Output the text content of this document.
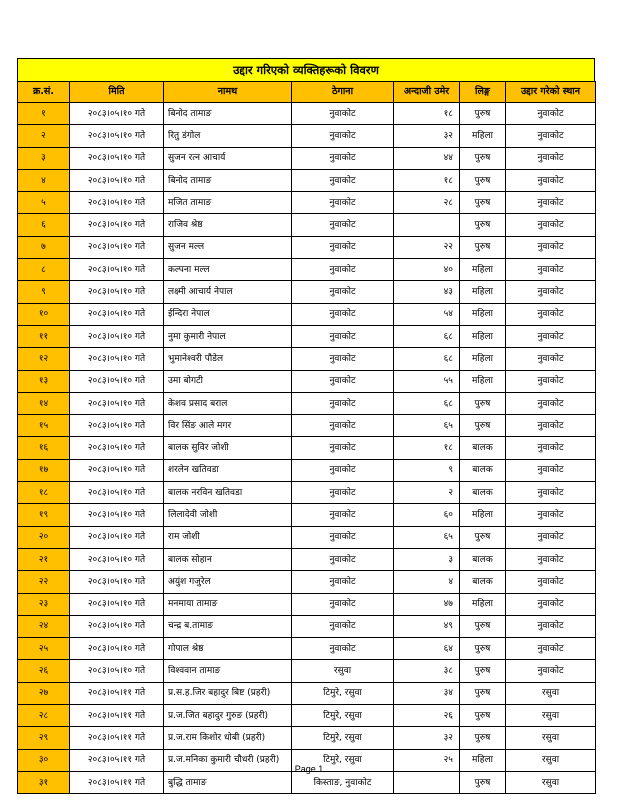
उद्दार गरिएको व्यक्तिहरूको विवरण
क्र.सं.	मिति	नामथ	ठेगाना	अन्दाजी उमेर	लिङ्ग	उद्दार गरेको स्थान
१	२०८३।०५।१० गते	बिनोद तामाङ	नुवाकोट	१८	पुरुष	नुवाकोट
२	२०८३।०५।१० गते	रितु डंगोल	नुवाकोट	३२	महिला	नुवाकोट
३	२०८३।०५।१० गते	सुजन रत्न आचार्य	नुवाकोट	४४	पुरुष	नुवाकोट
४	२०८३।०५।१० गते	बिनोद तामाङ	नुवाकोट	१८	पुरुष	नुवाकोट
५	२०८३।०५।१० गते	मजित तामाङ	नुवाकोट	२८	पुरुष	नुवाकोट
६	२०८३।०५।१० गते	राजिव श्रेष्ठ	नुवाकोट		पुरुष	नुवाकोट
७	२०८३।०५।१० गते	सुजन मल्ल	नुवाकोट	२२	पुरुष	नुवाकोट
८	२०८३।०५।१० गते	कल्पना मल्ल	नुवाकोट	४०	महिला	नुवाकोट
९	२०८३।०५।१० गते	लक्ष्मी आचार्य नेपाल	नुवाकोट	४३	महिला	नुवाकोट
१०	२०८३।०५।१० गते	ईन्दिरा नेपाल	नुवाकोट	५४	महिला	नुवाकोट
११	२०८३।०५।१० गते	नुमा कुमारी नेपाल	नुवाकोट	६८	महिला	नुवाकोट
१२	२०८३।०५।१० गते	भुमानेश्वरी पौडेल	नुवाकोट	६८	महिला	नुवाकोट
१३	२०८३।०५।१० गते	उमा बोगटी	नुवाकोट	५५	महिला	नुवाकोट
१४	२०८३।०५।१० गते	केशव प्रसाद बराल	नुवाकोट	६८	पुरुष	नुवाकोट
१५	२०८३।०५।१० गते	विर सिंङ आले मगर	नुवाकोट	६५	पुरुष	नुवाकोट
१६	२०८३।०५।१० गते	बालक सुविर जोशी	नुवाकोट	१८	बालक	नुवाकोट
१७	२०८३।०५।१० गते	शरलेन खतिवडा	नुवाकोट	९	बालक	नुवाकोट
१८	२०८३।०५।१० गते	बालक नरविन खतिवडा	नुवाकोट	२	बालक	नुवाकोट
१९	२०८३।०५।१० गते	लिलादेवी जोशी	नुवाकोट	६०	महिला	नुवाकोट
२०	२०८३।०५।१० गते	राम जोशी	नुवाकोट	६५	पुरुष	नुवाकोट
२१	२०८३।०५।१० गते	बालक सोहान	नुवाकोट	३	बालक	नुवाकोट
२२	२०८३।०५।१० गते	अयुंश गजुरेल	नुवाकोट	४	बालक	नुवाकोट
२३	२०८३।०५।१० गते	मनमाया तामाङ	नुवाकोट	४७	महिला	नुवाकोट
२४	२०८३।०५।१० गते	चन्द्र ब.तामाङ	नुवाकोट	४९	पुरुष	नुवाकोट
२५	२०८३।०५।१० गते	गोपाल श्रेष्ठ	नुवाकोट	६४	पुरुष	नुवाकोट
२६	२०८३।०५।१० गते	विश्ववान तामाङ	रसुवा	३८	पुरुष	नुवाकोट
२७	२०८३।०५।११ गते	प्र.स.ह.जिर बहादुर बिष्ट (प्रहरी)	टिमुरे, रसुवा	३४	पुरुष	रसुवा
२८	२०८३।०५।११ गते	प्र.ज.जित बहादुर गुरुङ (प्रहरी)	टिमुरे, रसुवा	२६	पुरुष	रसुवा
२९	२०८३।०५।११ गते	प्र.ज.राम किशोर धोबी (प्रहरी)	टिमुरे, रसुवा	३२	पुरुष	रसुवा
३०	२०८३।०५।११ गते	प्र.ज.मनिका कुमारी चौधरी (प्रहरी)	टिमुरे, रसुवा	२५	महिला	रसुवा
३१	२०८३।०५।११ गते	बुद्धि तामाङ	किस्ताङ, नुवाकोट		पुरुष	रसुवा
Page 1
